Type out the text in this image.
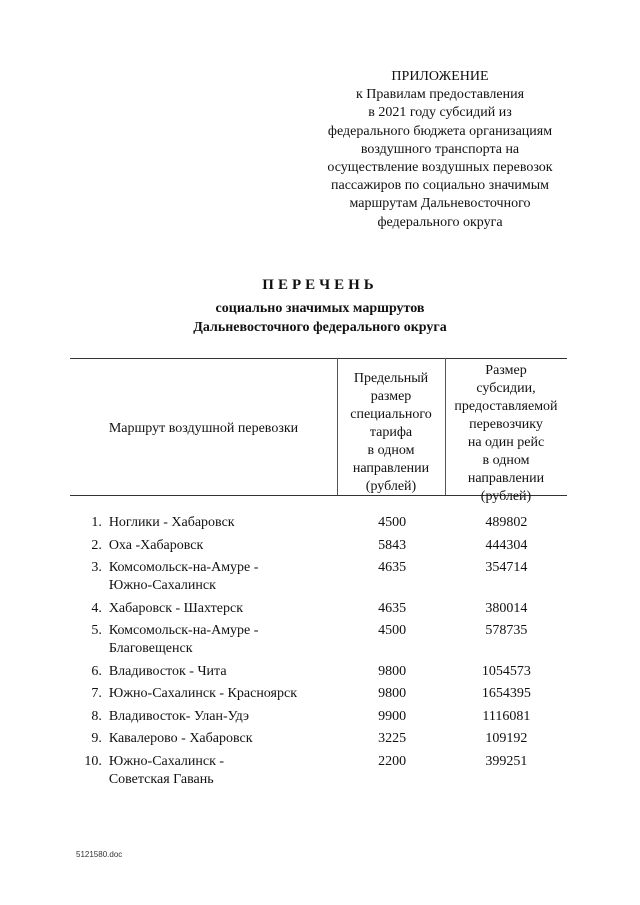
ПРИЛОЖЕНИЕ
к Правилам предоставления
в 2021 году субсидий из
федерального бюджета организациям
воздушного транспорта на
осуществление воздушных перевозок
пассажиров по социально значимым
маршрутам Дальневосточного
федерального округа
ПЕРЕЧЕНЬ
социально значимых маршрутов
Дальневосточного федерального округа
Маршрут воздушной перевозки
Предельный
размер
специального
тарифа
в одном
направлении
(рублей)
Размер
субсидии,
предоставляемой
перевозчику
на один рейс
в одном
направлении
(рублей)
1. Ноглики - Хабаровск	4500	489802
2. Оха -Хабаровск	5843	444304
3. Комсомольск-на-Амуре -
Южно-Сахалинск
4635	354714
4. Хабаровск - Шахтерск	4635	380014
5. Комсомольск-на-Амуре -
Благовещенск
4500	578735
6. Владивосток - Чита	9800	1054573
7. Южно-Сахалинск - Красноярск	9800	1654395
8. Владивосток- Улан-Удэ	9900	1116081
9. Кавалерово - Хабаровск	3225	109192
10. Южно-Сахалинск -
Советская Гавань
2200	399251
5121580.doc
